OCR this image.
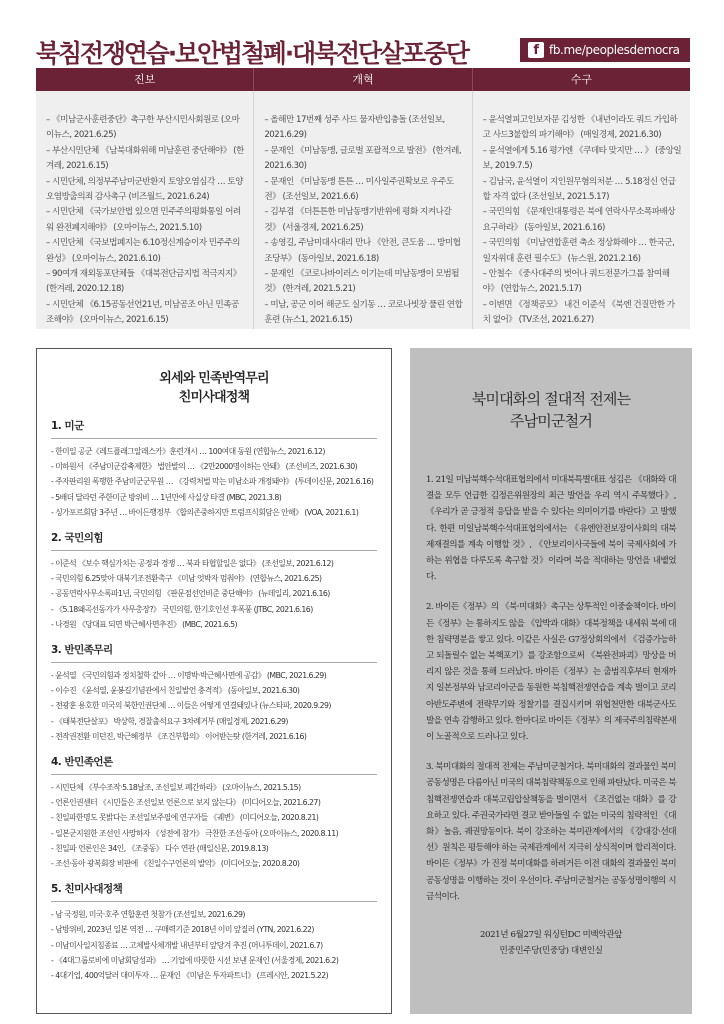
북침전쟁연습·보안법철폐·대북전단살포중단	f fb.me/peoplesdemocra
진보	개혁	수구
– 《미남군사훈련중단》촉구한 부산시민사회원로 (오마이뉴스, 2021.6.25)
– 부산시민단체 《남북대화위해 미남훈련 중단해야》 (한겨레, 2021.6.15)
– 시민단체, 의정부주남미군반환지 토양오염심각 … 토양오염방출의죄 감사촉구 (비즈월드, 2021.6.24)
– 시민단체 《국가보안법 있으면 민주주의평화통일 어려워 완전폐지해야》 (오마이뉴스, 2021.5.10)
– 시민단체 《국보법폐지는 6.10정신계승이자 민주주의완성》 (오마이뉴스, 2021.6.10)
– 90여개 재외동포단체들 《대북전단금지법 적극지지》 (한겨레, 2020.12.18)
– 시민단체 《6.15공동선언21년, 미남공조 아닌 민족공조해야》 (오마이뉴스, 2021.6.15)
– 올해만 17번째 성주 사드 물자반입충돌 (조선일보, 2021.6.29)
– 문재인 《미남동맹, 글로벌 포괄적으로 발전》 (한겨레, 2021.6.30)
– 문재인 《미남동맹 튼튼 … 미사일주권확보로 우주도전》 (조선일보, 2021.6.6)
– 김부겸 《더튼튼한 미남동맹기반위에 평화 지켜나갈 것》 (서울경제, 2021.6.25)
– 송영길, 주남미대사대리 만나 《안전, 큰도움 … 방미협조당부》 (동아일보, 2021.6.18)
– 문재인 《코로나바이러스 이기는데 미남동맹이 모범될것》 (한겨레, 2021.5.21)
– 미남, 공군 이어 해군도 실기동 … 코로나빗장 풀린 연합훈련 (뉴스1, 2021.6.15)
– 윤석열피고인보자문 김성한 《내년이라도 쿼드 가입하고 사드3불합의 파기해야》 (매일경제, 2021.6.30)
– 윤석열에게 5.16 평가엔 《쿠데타 맞지만 … 》 (중앙일보, 2019.7.5)
– 김남국, 윤석열이 지인원무혐의처분 … 5.18정신 언급할 자격 없다 (조선일보, 2021.5.17)
– 국민의힘 《문재인대통령은 북에 연락사무소폭파배상 요구하라》 (동아일보, 2021.6.16)
– 국민의힘 《미남연합훈련 축소 정상화해야 … 한국군, 일자위대 훈련 필수도》 (뉴스원, 2021.2.16)
– 안철수 《중사대주의 벗어나 쿼드전문가그룹 참여해야》 (연합뉴스, 2021.5.17)
– 이변면 《정책공모》 내건 이준석 《북엔 건질만한 가치 없어》 (TV조선, 2021.6.27)
외세와 민족반역무리
친미사대정책
1. 미군
- 한미일 공군《레드플래그알래스카》훈련개시 … 100여대 동원 (연합뉴스, 2021.6.12)
- 미하원서 《주남미군감축제한》 법안발의 … 《2만2000명이하는 안돼》 (조선비즈, 2021.6.30)
- 주자판리원 폭행한 주남미군군무원 … 《강력처벌 막는 미남소파 개정돼야》 (투데이신문, 2021.6.16)
- 5배더 달라던 주한미군 방위비 … 1년만에 사실상 타결 (MBC, 2021.3.8)
- 싱가포르회담 3주년 … 바이든행정부 《합의존중하지만 트럼프식회담은 안해》 (VOA, 2021.6.1)
2. 국민의힘
- 이준석 《보수 핵심가치는 공정과 경쟁 … 북과 타협할일은 없다》 (조선일보, 2021.6.12)
- 국민의힘 6.25맞아 대북기조전환촉구 《미남 엇박자 멈춰야》 (연합뉴스, 2021.6.25)
- 공동연락사무소폭파1년, 국민의힘 《판문점선언비준 중단해야》 (뉴데일리, 2021.6.16)
- 《5.18왜곡선동가가 사무총장?》 국민의힘, 한기호인선 후폭풍 (JTBC, 2021.6.16)
- 나경원 《당대표 되면 박근혜사면추진》 (MBC, 2021.6.5)
3. 반민족무리
- 윤석열 《국민의힘과 정치철학 같아 … 이명박·박근혜사면에 공감》 (MBC, 2021.6.29)
- 이수진 《윤석열, 윤봉길기념관에서 친일발언 충격적》 (동아일보, 2021.6.30)
- 전광훈 용호한 미국의 북한인권단체 … 이들은 어떻게 연결돼있나 (뉴스타파, 2020.9.29)
- 《태북전단살포》 박상학, 경찰출석요구 3차례거부 (매일경제, 2021.6.29)
- 전작권전환 미던진, 박근혜정부 《조건부합의》 이어받는탓 (한겨레, 2021.6.16)
4. 반민족언론
- 시민단체 《부수조작·5.18날조, 조선일보 폐간하라》 (오마이뉴스, 2021.5.15)
- 언론인권센터 《시민들은 조선일보 언론으로 보지 않는다》 (미디어오늘, 2021.6.27)
- 친일파한명도 못밝다는 조선일보주필에 연구자들 《궤변》 (미디어오늘, 2020.8.21)
- 일본군지원한 조선인 사망하자 《성전에 참가》 극찬한 조선·동아 (오마이뉴스, 2020.8.11)
- 친일파 언론인은 34인, 《조중동》 다수 연관 (매일신문, 2019.8.13)
- 조선·동아 광복회장 비판에 《친일수구언론의 발악》 (미디어오늘, 2020.8.20)
5. 친미사대정책
- 남 국정원, 미국·호주 연합훈련 첫참가 (조선일보, 2021.6.29)
- 남방위비, 2023년 일본 역전 … 구매력기준 2018년 이미 앞질러 (YTN, 2021.6.22)
- 미남미사일지침종료 … 고체발사체개발 내년부터 앞당겨 추진 (머니투데이, 2021.6.7)
- 《4대그룹로비에 미남회담성과》 … 기업에 따뜻한 시선 보낸 문재인 (서울경제, 2021.6.2)
- 4대기업, 400억달러 대미투자 … 문재인 《미남은 투자파트너》 (프레시안, 2021.5.22)
북미대화의 절대적 전제는
주남미군철거
1. 21일 미남북핵수석대표협의에서 미대북특별대표 성김은 《대화와 대결을 모두 언급한 김정은위원장의 최근 발언을 우리 역시 주목했다》, 《우리가 곧 긍정적 응답을 받을 수 있다는 의미이기를 바란다》고 발했다. 한편 미일남북핵수석대표협의에서는 《유엔안전보장이사회의 대북제재결의를 계속 이행할 것》, 《안보리이사국들에 북이 국제사회에 가하는 위협을 다루도록 촉구할 것》이라며 북을 적대하는 망언을 내뱉었다.
2. 바이든《정부》의 《북·미대화》촉구는 상투적인 이중술책이다. 바이든《정부》는 통하지도 않을 《압박과 대화》대북정책을 내세워 북에 대한 침략명분을 쌓고 있다. 이같은 사실은 G7정상회의에서 《검증가능하고 되돌릴수 없는 북핵포기》를 강조함으로써 《북완전파괴》망상을 버리지 않은 것을 통해 드러났다. 바이든《정부》는 출범직후부터 현재까지 일본정부와 남코리아군을 동원한 북침핵전쟁연습을 계속 벌이고 코리아반도주변에 전략무기와 정찰기를 결집시키며 위협천만한 대북군사도발을 연속 감행하고 있다. 한마디로 바이든《정부》의 제국주의침략본새이 노골적으로 드러나고 있다.
3. 북미대화의 절대적 전제는 주남미군철거다. 북미대화의 결과물인 북미공동성명은 다름아닌 미국의 대북침략책동으로 인해 파탄났다. 미국은 북침핵전쟁연습과 대북고립압살책동을 벌이면서 《조건없는 대화》를 강요하고 있다. 주권국가라면 결코 받아들일 수 없는 미국의 침략적인 《대화》놀음, 궤권망동이다. 북이 강조하는 북미관계에서의 《강대강·선대선》원칙은 평등해야 하는 국제관계에서 지극히 상식적이며 합리적이다. 바이든《정부》가 진정 북미대화를 하려거든 이전 대화의 결과물인 북미공동성명을 이행하는 것이 우선이다. 주남미군철거는 공동성명이행의 시금석이다.
2021년 6월27일 워싱턴DC 미백악관앞
민중민주당(민중당) 대변인실
